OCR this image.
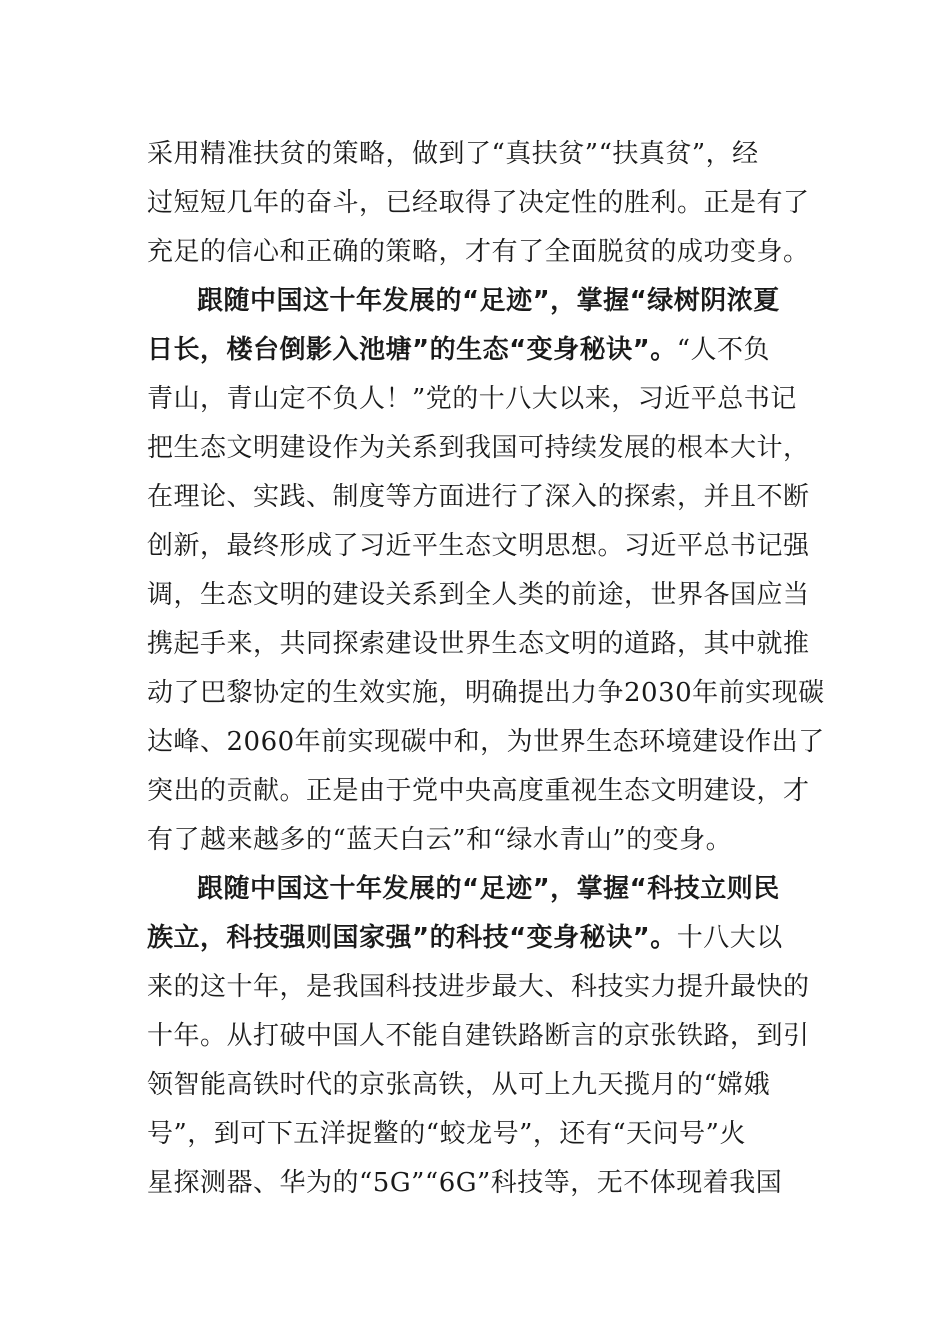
采用精准扶贫的策略，做到了“真扶贫”“扶真贫”，经
过短短几年的奋斗，已经取得了决定性的胜利。正是有了
充足的信心和正确的策略，才有了全面脱贫的成功变身。
跟随中国这十年发展的“足迹”，掌握“绿树阴浓夏
日长，楼台倒影入池塘”的生态“变身秘诀”。“人不负
青山，青山定不负人！”党的十八大以来，习近平总书记
把生态文明建设作为关系到我国可持续发展的根本大计，
在理论、实践、制度等方面进行了深入的探索，并且不断
创新，最终形成了习近平生态文明思想。习近平总书记强
调，生态文明的建设关系到全人类的前途，世界各国应当
携起手来，共同探索建设世界生态文明的道路，其中就推
动了巴黎协定的生效实施，明确提出力争2030年前实现碳
达峰、2060年前实现碳中和，为世界生态环境建设作出了
突出的贡献。正是由于党中央高度重视生态文明建设，才
有了越来越多的“蓝天白云”和“绿水青山”的变身。
跟随中国这十年发展的“足迹”，掌握“科技立则民
族立，科技强则国家强”的科技“变身秘诀”。十八大以
来的这十年，是我国科技进步最大、科技实力提升最快的
十年。从打破中国人不能自建铁路断言的京张铁路，到引
领智能高铁时代的京张高铁，从可上九天揽月的“嫦娥
号”，到可下五洋捉鳖的“蛟龙号”，还有“天问号”火
星探测器、华为的“5G”“6G”科技等，无不体现着我国
